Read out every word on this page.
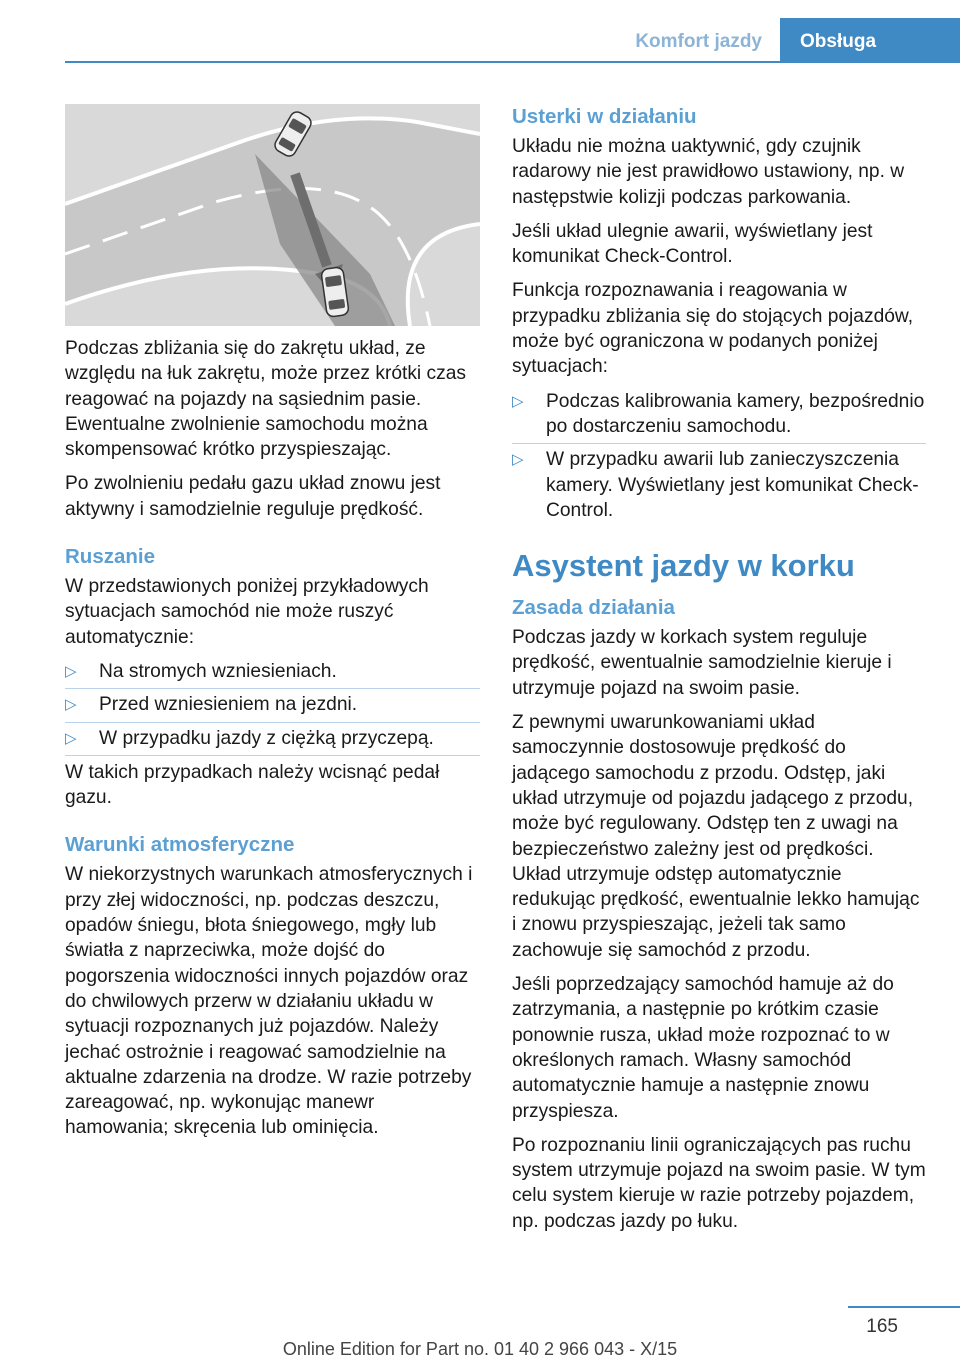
Komfort jazdy	Obsługa

Podczas zbliżania się do zakrętu układ, ze względu na łuk zakrętu, może przez krótki czas reagować na pojazdy na sąsiednim pasie. Ewentualne zwolnienie samochodu można skompensować krótko przyspieszając.

Po zwolnieniu pedału gazu układ znowu jest aktywny i samodzielnie reguluje prędkość.

Ruszanie

W przedstawionych poniżej przykładowych sytuacjach samochód nie może ruszyć automatycznie:

▷ Na stromych wzniesieniach.
▷ Przed wzniesieniem na jezdni.
▷ W przypadku jazdy z ciężką przyczepą.

W takich przypadkach należy wcisnąć pedał gazu.

Warunki atmosferyczne

W niekorzystnych warunkach atmosferycznych i przy złej widoczności, np. podczas deszczu, opadów śniegu, błota śniegowego, mgły lub światła z naprzeciwka, może dojść do pogorszenia widoczności innych pojazdów oraz do chwilowych przerw w działaniu układu w sytuacji rozpoznanych już pojazdów. Należy jechać ostrożnie i reagować samodzielnie na aktualne zdarzenia na drodze. W razie potrzeby zareagować, np. wykonując manewr hamowania; skręcenia lub ominięcia.

Usterki w działaniu

Układu nie można uaktywnić, gdy czujnik radarowy nie jest prawidłowo ustawiony, np. w następstwie kolizji podczas parkowania.

Jeśli układ ulegnie awarii, wyświetlany jest komunikat Check-Control.

Funkcja rozpoznawania i reagowania w przypadku zbliżania się do stojących pojazdów, może być ograniczona w podanych poniżej sytuacjach:

▷ Podczas kalibrowania kamery, bezpośrednio po dostarczeniu samochodu.
▷ W przypadku awarii lub zanieczyszczenia kamery. Wyświetlany jest komunikat Check-Control.
Asystent jazdy w korku
Zasada działania

Podczas jazdy w korkach system reguluje prędkość, ewentualnie samodzielnie kieruje i utrzymuje pojazd na swoim pasie.

Z pewnymi uwarunkowaniami układ samoczynnie dostosowuje prędkość do jadącego samochodu z przodu. Odstęp, jaki układ utrzymuje od pojazdu jadącego z przodu, może być regulowany. Odstęp ten z uwagi na bezpieczeństwo zależny jest od prędkości. Układ utrzymuje odstęp automatycznie redukując prędkość, ewentualnie lekko hamując i znowu przyspieszając, jeżeli tak samo zachowuje się samochód z przodu.

Jeśli poprzedzający samochód hamuje aż do zatrzymania, a następnie po krótkim czasie ponownie rusza, układ może rozpoznać to w określonych ramach. Własny samochód automatycznie hamuje a następnie znowu przyspiesza.

Po rozpoznaniu linii ograniczających pas ruchu system utrzymuje pojazd na swoim pasie. W tym celu system kieruje w razie potrzeby pojazdem, np. podczas jazdy po łuku.

165
Online Edition for Part no. 01 40 2 966 043 - X/15
